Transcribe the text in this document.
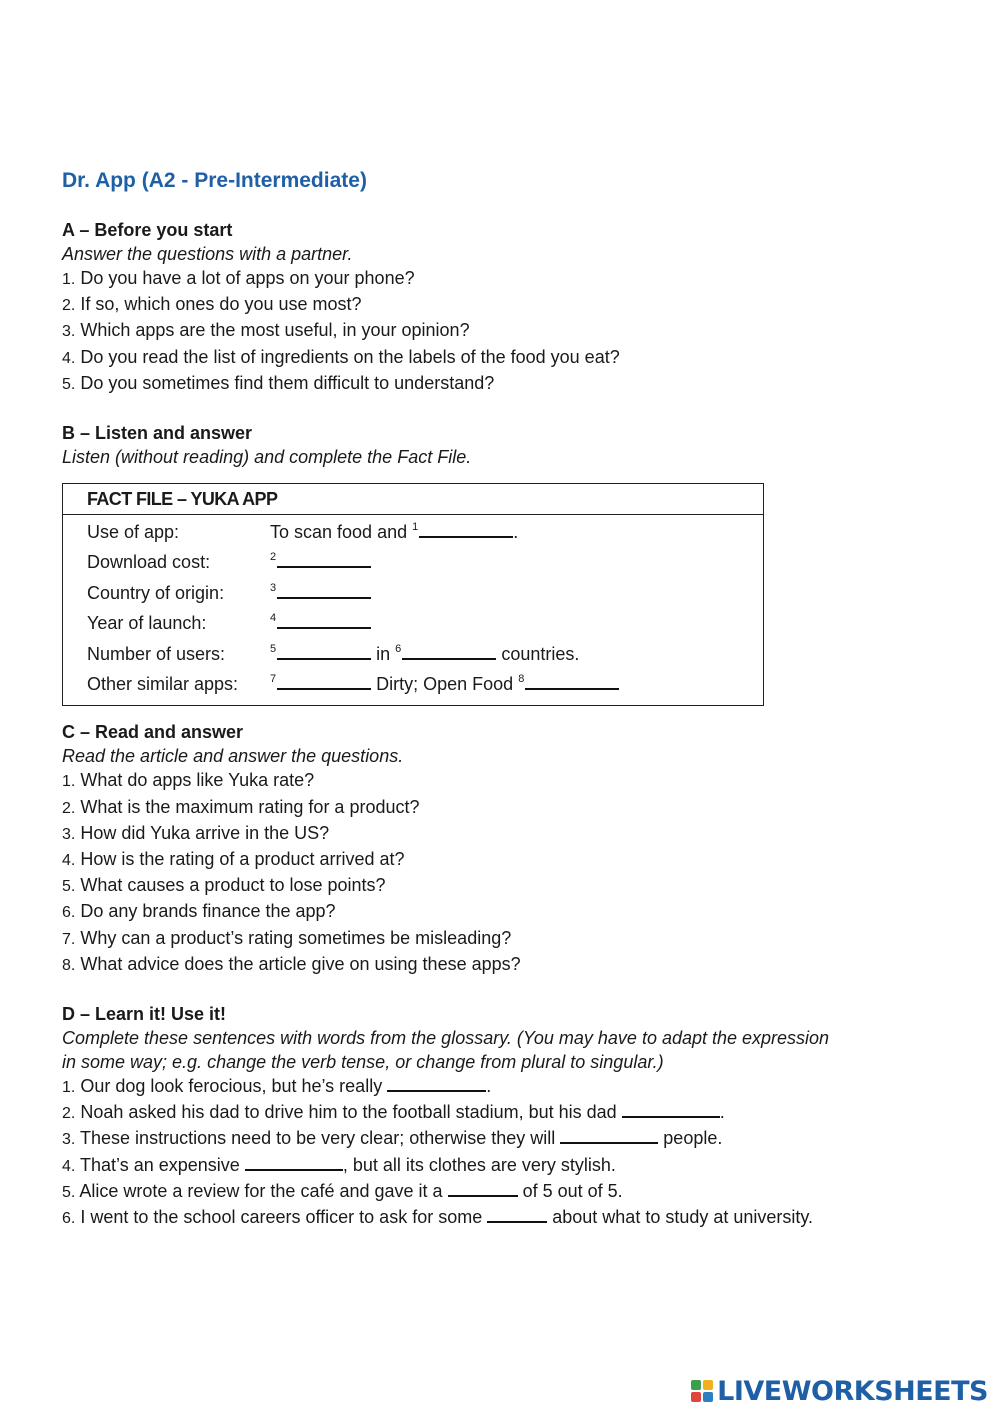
Dr. App (A2 - Pre-Intermediate)
A – Before you start
Answer the questions with a partner.
1. Do you have a lot of apps on your phone?
2. If so, which ones do you use most?
3. Which apps are the most useful, in your opinion?
4. Do you read the list of ingredients on the labels of the food you eat?
5. Do you sometimes find them difficult to understand?
B – Listen and answer
Listen (without reading) and complete the Fact File.
FACT FILE – YUKA APP
Use of app:	To scan food and $^1$	.
Download cost:	$^2$
Country of origin:	$^3$
Year of launch:	$^4$
Number of users:	$^5$	in $^6$	countries.
Other similar apps:	$^7$	Dirty; Open Food $^8$
C – Read and answer
Read the article and answer the questions.
1. What do apps like Yuka rate?
2. What is the maximum rating for a product?
3. How did Yuka arrive in the US?
4. How is the rating of a product arrived at?
5. What causes a product to lose points?
6. Do any brands finance the app?
7. Why can a product’s rating sometimes be misleading?
8. What advice does the article give on using these apps?
D – Learn it! Use it!
Complete these sentences with words from the glossary. (You may have to adapt the expression
in some way; e.g. change the verb tense, or change from plural to singular.)
1. Our dog look ferocious, but he’s really	.
2. Noah asked his dad to drive him to the football stadium, but his dad	.
3. These instructions need to be very clear; otherwise they will	people.
4. That’s an expensive	, but all its clothes are very stylish.
5. Alice wrote a review for the café and gave it a	of 5 out of 5.
6. I went to the school careers officer to ask for some	about what to study at university.
LIVEWORKSHEETS
